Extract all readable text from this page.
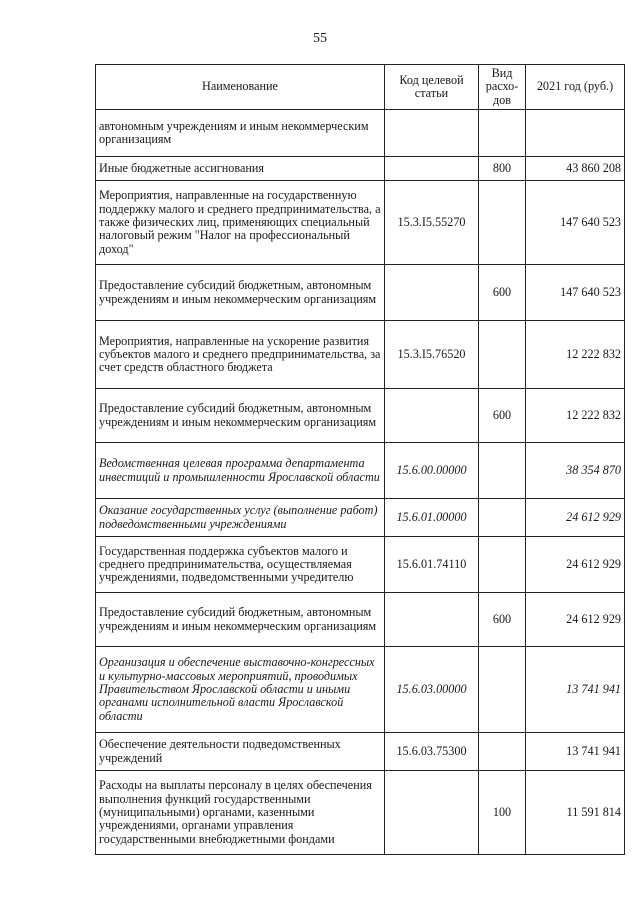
55
Наименование	Код целевой статьи	Вид расхо-дов	2021 год (руб.)
автономным учреждениям и иным некоммерческим организациям			
Иные бюджетные ассигнования		800	43 860 208
Мероприятия, направленные на государственную поддержку малого и среднего предпринимательства, а также физических лиц, применяющих специальный налоговый режим "Налог на профессиональный доход"	15.3.I5.55270		147 640 523
Предоставление субсидий бюджетным, автономным учреждениям и иным некоммерческим организациям		600	147 640 523
Мероприятия, направленные на ускорение развития субъектов малого и среднего предпринимательства, за счет средств областного бюджета	15.3.I5.76520		12 222 832
Предоставление субсидий бюджетным, автономным учреждениям и иным некоммерческим организациям		600	12 222 832
Ведомственная целевая программа департамента инвестиций и промышленности Ярославской области	15.6.00.00000		38 354 870
Оказание государственных услуг (выполнение работ) подведомственными учреждениями	15.6.01.00000		24 612 929
Государственная поддержка субъектов малого и среднего предпринимательства, осуществляемая учреждениями, подведомственными учредителю	15.6.01.74110		24 612 929
Предоставление субсидий бюджетным, автономным учреждениям и иным некоммерческим организациям		600	24 612 929
Организация и обеспечение выставочно-конгрессных и культурно-массовых мероприятий, проводимых Правительством Ярославской области и иными органами исполнительной власти Ярославской области	15.6.03.00000		13 741 941
Обеспечение деятельности подведомственных учреждений	15.6.03.75300		13 741 941
Расходы на выплаты персоналу в целях обеспечения выполнения функций государственными (муниципальными) органами, казенными учреждениями, органами управления государственными внебюджетными фондами		100	11 591 814
